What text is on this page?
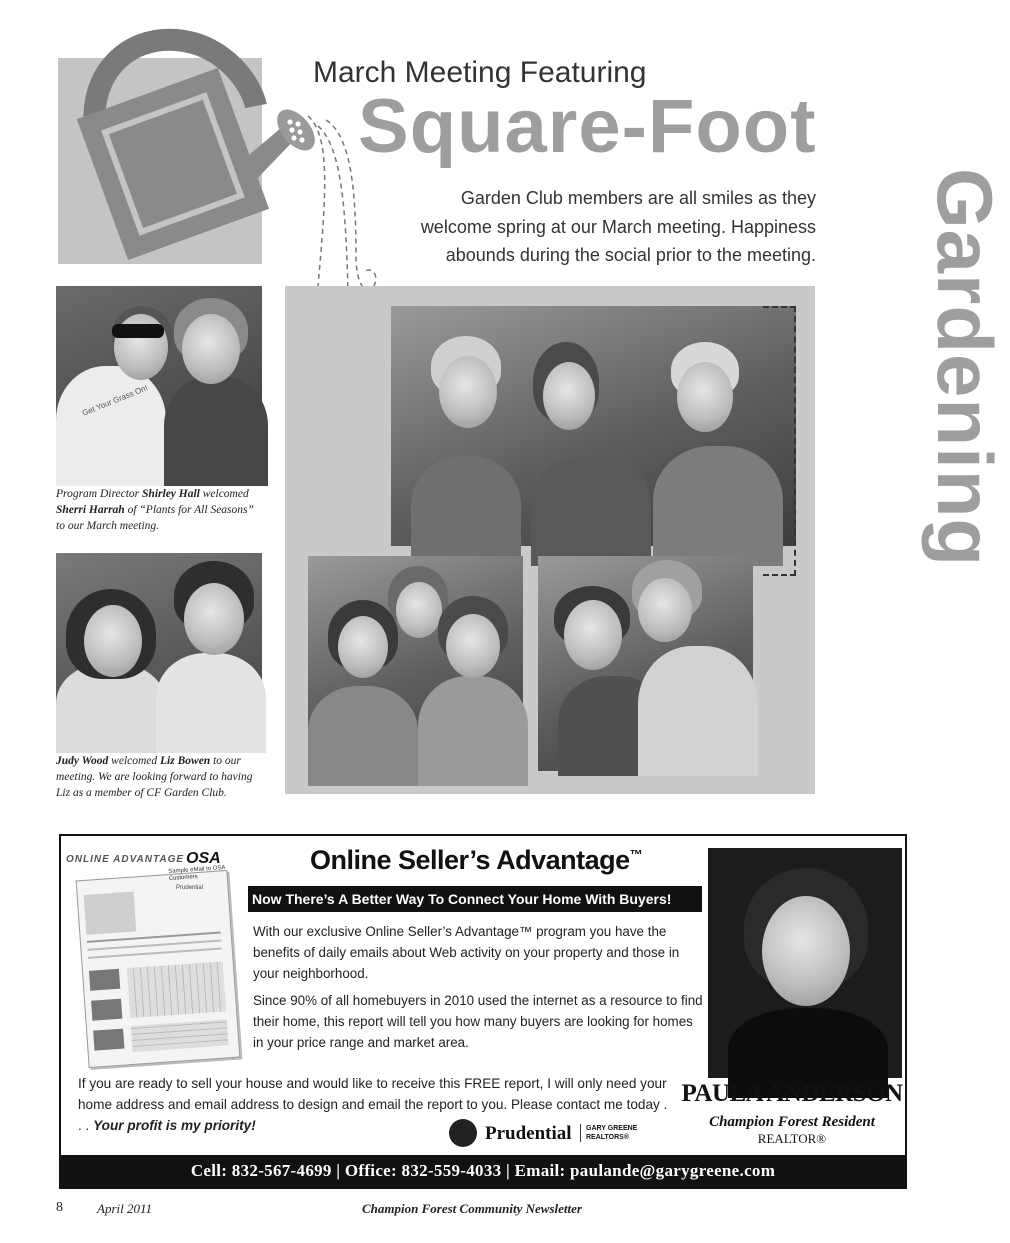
March Meeting Featuring
Square-Foot
Gardening
Garden Club members are all smiles as they
welcome spring at our March meeting. Happiness
abounds during the social prior to the meeting.
Get Your Grass On!
Program Director Shirley Hall welcomed Sherri Harrah of “Plants for All Seasons” to our March meeting.
Judy Wood welcomed Liz Bowen to our meeting. We are looking forward to having Liz as a member of CF Garden Club.
ONLINE ADVANTAGE OSA
Sample eMail to OSA Customers
Prudential
Online Seller’s Advantage™
Now There’s A Better Way To Connect Your Home With Buyers!
With our exclusive Online Seller’s Advantage™ program you have the benefits of daily emails about Web activity on your property and those in your neighborhood.
Since 90% of all homebuyers in 2010 used the internet as a resource to find their home, this report will tell you how many buyers are looking for homes in your price range and market area.
If you are ready to sell your house and would like to receive this FREE report, I will only need your home address and email address to design and email the report to you. Please contact me today . . . Your profit is my priority!	Prudential GARY GREENE
REALTORS®
PAULA ANDERSON
Champion Forest Resident
REALTOR®
Cell: 832-567-4699 | Office: 832-559-4033 | Email: paulande@garygreene.com
8	April 2011	Champion Forest Community Newsletter
